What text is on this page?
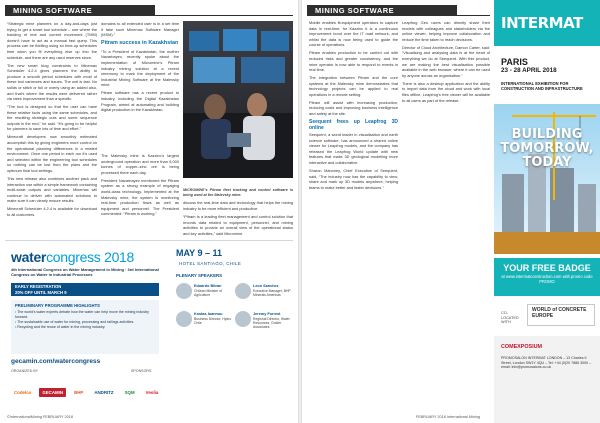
MINING SOFTWARE

“Strategic mine planners on a day-and-days just trying to get a smart tool schedule – one where the tracking of real and current movement (TMM) doesn't have to act as a manual fast query. This process can be fiddling using so time-up schedules time when you fit everything else up into the schedule, and there are any used reserves since.

The new smart blog constraints to Minemax Scheduler 4.2.4 gives planners the ability to produce a smooth period schedules with most of these tool variances and issues. The unit is fast. No solids or stitch or full or overly using an added also, and that's where the results were delivered rather via rates improvement than a specific.

“The tool is designed so that the user can have these relative tools using the same schedules, and the resulting strategic cuts and some sequence outputs in the end,” he said. “It’s going to be helpful for planners to save lots of time and effort.”

Minecraft developers now smoothly estimated accomplish this by giving engineers more control on the operational planning differences in a related environment. Once one period in each run it’s used and selected within the engineering tool schedules so nothing can be lost from the plans and the optimum final tool settings.

This new release also combines another pack and interaction use within a simple framework containing multi-scale outputs and variables. Minemax will continue to deliver with automated solutions to make sure it can clearly ensure results.

Minecraft Scheduler 4.2.4 is available for download to all customers.

domains to all extended user is in a set time it take such Minemax Software Manager (MSM).”

Pitram success in Kazakhstan

“To a President of Kazakhstan, the mother Nazarbayev, recently spoke about the implementation of Micromine’s Pitram industry mining solution at a recent ceremony to mark the deployment of the Industrial Mining Software at the Malevsky mine.

Pitram software has a recent product to industry, including the Digital Kazakhstan Program, aimed at automating and building digital production in the Kazakhstan.

The Malevsky mine is Kazzinc’s largest underground operation and more than 5,000 tonnes of copper–zinc ore is being processed there each day.

President Nazarbayev mentioned the Pitram system as a strong example of engaging world-class technology. Implemented at the Malevsky mine, the system is monitoring real-time production flows as well as equipment and personnel. The President commented: “Pitram is working.”

MICROMINE’s Pitram fleet tracking and control software is being used at the Malevsky mine.

discuss the real-time data and technology that helps the mining industry to be more efficient and productive.

“Pitram is a leading fleet management and control solution that records data related to equipment, personnel, and mining activities to provide an overall view of the operational status and key activities,” said Micromine.

watercongress 2018
4th International Congress on Water Management in Mining · 3rd International Congress on Water in Industrial Processes
MAY 9 – 11
HOTEL SANTIAGO, CHILE
EARLY REGISTRATION
20% OFF UNTIL MARCH 9
PRELIMINARY PROGRAMME HIGHLIGHTS
• The world’s water experts debate how the water can help move the mining industry forward.
• The sustainable use of water for mining, processing and tailings activities.
• Recycling and the reuse of water in the mining industry.
gecamin.com/watercongress
PLENARY SPEAKERS
Eduardo Bitran
Chilean Minister of Agriculture
Leon Sanchez
Executive Manager, BHP Minerals Americas
Kostas Ioannou
Business Director, Hydro Chile
Jeremy Forrest
Regional Director, Water Resources, Golder Associates
ORGANIZED BY	SPONSORS
Codelco	GECAMIN	BHP	ANDRITZ	SQM	Veolia
©InternationalMining FEBRUARY 2018
MINING SOFTWARE

Mobile enables fit-equipment operators to capture data in real-time, for Kazzinc it is a continuous improvement bond over the IT road network, and whilst the data is now being used to guide the course of operations.

Pitram enables production to be carried out with reduced risks and greater consistency, and the mine operator is now able to respond to events in real time.

The integration between Pitram and the core systems at the Malevsky mine demonstrates that technology projects can be applied to real operations in a remote setting.

Pitram will assist with increasing production, reducing costs and improving business intelligence and safety at the site.

Seequent frees up Leapfrog 3D online

Seequent, a world leader in visualisation and earth science software, has announced a shared online viewer for Leapfrog models, and the company has released the Leapfrog World update with new features that make 3D geological modelling more interactive and collaborative.

Sharon Mahoney, Chief Executive of Seequent, said, “The industry now has the capability to view, share and mark up 3D models anywhere, helping teams to make better and faster decisions.”

Leapfrog Geo users can directly share their models with colleagues and stakeholders via the online viewer, helping improve collaboration and reduce the time taken to reach decisions.

Director of Cloud Architecture, Damon Carter, said: “Visualising and analysing data is at the heart of everything we do at Seequent. With this product, we are making the best visualisation possible available in the web browser, where it can be used by anyone across an organisation.”

There is also a desktop application and the ability to import data from the cloud and work with local files offline. Leapfrog’s free viewer will be available to all users as part of the release.

FEBRUARY 2018 International Mining
INTERMAT
PARIS
23 - 28 APRIL 2018
INTERNATIONAL EXHIBITION FOR CONSTRUCTION AND INFRASTRUCTURE
BUILDING
TOMORROW,
TODAY
YOUR FREE BADGE
at www.intermatconstruction.com with promo code PROMO
CO-LOCATED WITH
WORLD of CONCRETE EUROPE
COMEXPOSIUM
PROMOSALON INTERMAT LONDON – 13 Charles II Street, London SW1Y 4QU – Tel: +44 (0)20 7886 3000 – email: info@promosalons.co.uk
